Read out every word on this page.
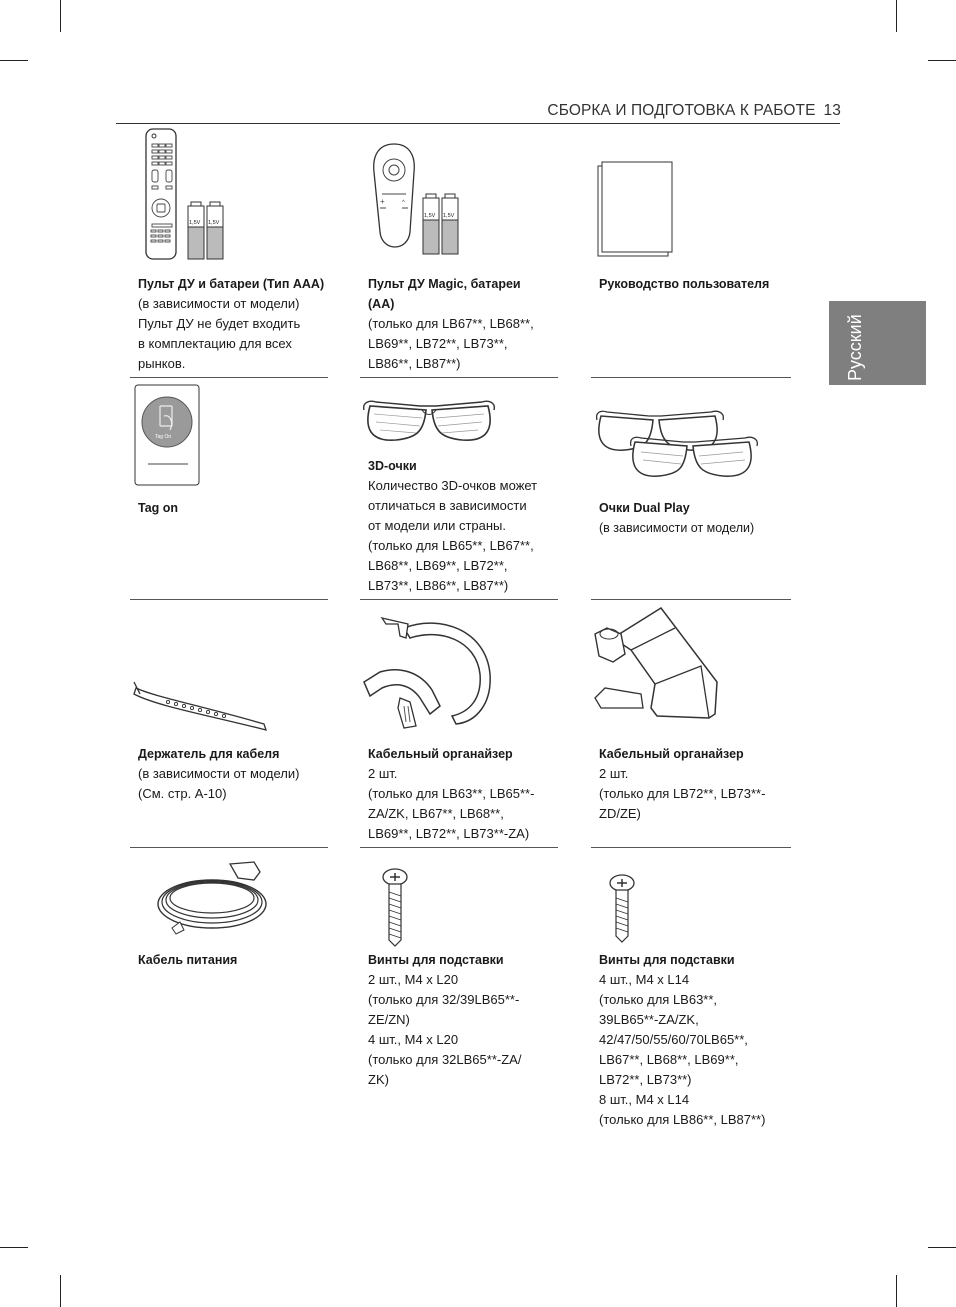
СБОРКА И ПОДГОТОВКА К РАБОТЕ 13
Русский
1,5V 1,5V
Пульт ДУ и батареи (Тип AAA)
(в зависимости от модели)
Пульт ДУ не будет входить
в комплектацию для всех
рынков.
+	^
1,5V 1,5V
Пульт ДУ Magic, батареи
(AA)
(только для LB67**, LB68**,
LB69**, LB72**, LB73**,
LB86**, LB87**)
Руководство пользователя
Tag On
Tag on
3D-очки
Количество 3D-очков может
отличаться в зависимости
от модели или страны.
(только для LB65**, LB67**,
LB68**, LB69**, LB72**,
LB73**, LB86**, LB87**)
Очки Dual Play
(в зависимости от модели)
Держатель для кабеля
(в зависимости от модели)
(См. стр. A-10)
Кабельный органайзер
2 шт.
(только для LB63**, LB65**-
ZA/ZK, LB67**, LB68**,
LB69**, LB72**, LB73**-ZA)
Кабельный органайзер
2 шт.
(только для LB72**, LB73**-ZD/ZE)
Кабель питания	Винты для подставки
2 шт., M4 x L20
(только для 32/39LB65**-
ZE/ZN)
4 шт., M4 x L20
(только для 32LB65**-ZA/
ZK)
Винты для подставки
4 шт., M4 x L14
(только для LB63**,
39LB65**-ZA/ZK,
42/47/50/55/60/70LB65**,
LB67**, LB68**, LB69**,
LB72**, LB73**)
8 шт., M4 x L14
(только для LB86**, LB87**)
